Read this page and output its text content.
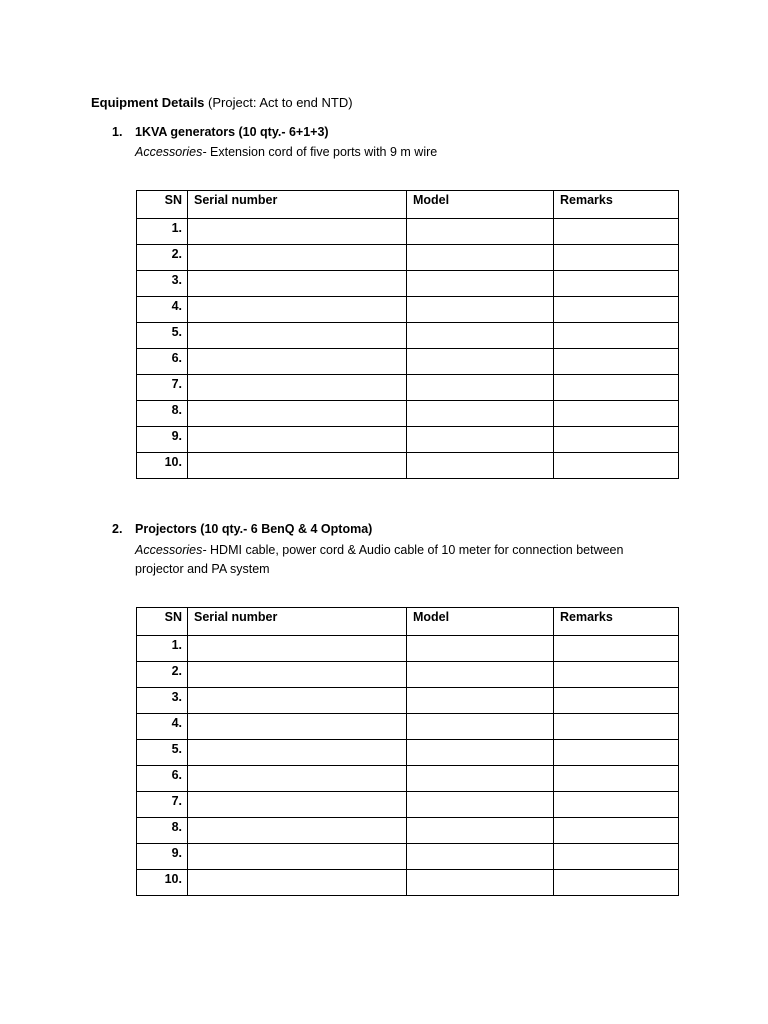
Equipment Details (Project: Act to end NTD)
1. 1KVA generators (10 qty.- 6+1+3)
Accessories- Extension cord of five ports with 9 m wire
SN	Serial number	Model	Remarks
1.			
2.			
3.			
4.			
5.			
6.			
7.			
8.			
9.			
10.			
2. Projectors (10 qty.- 6 BenQ & 4 Optoma)
Accessories- HDMI cable, power cord & Audio cable of 10 meter for connection between projector and PA system
SN	Serial number	Model	Remarks
1.			
2.			
3.			
4.			
5.			
6.			
7.			
8.			
9.			
10.			
